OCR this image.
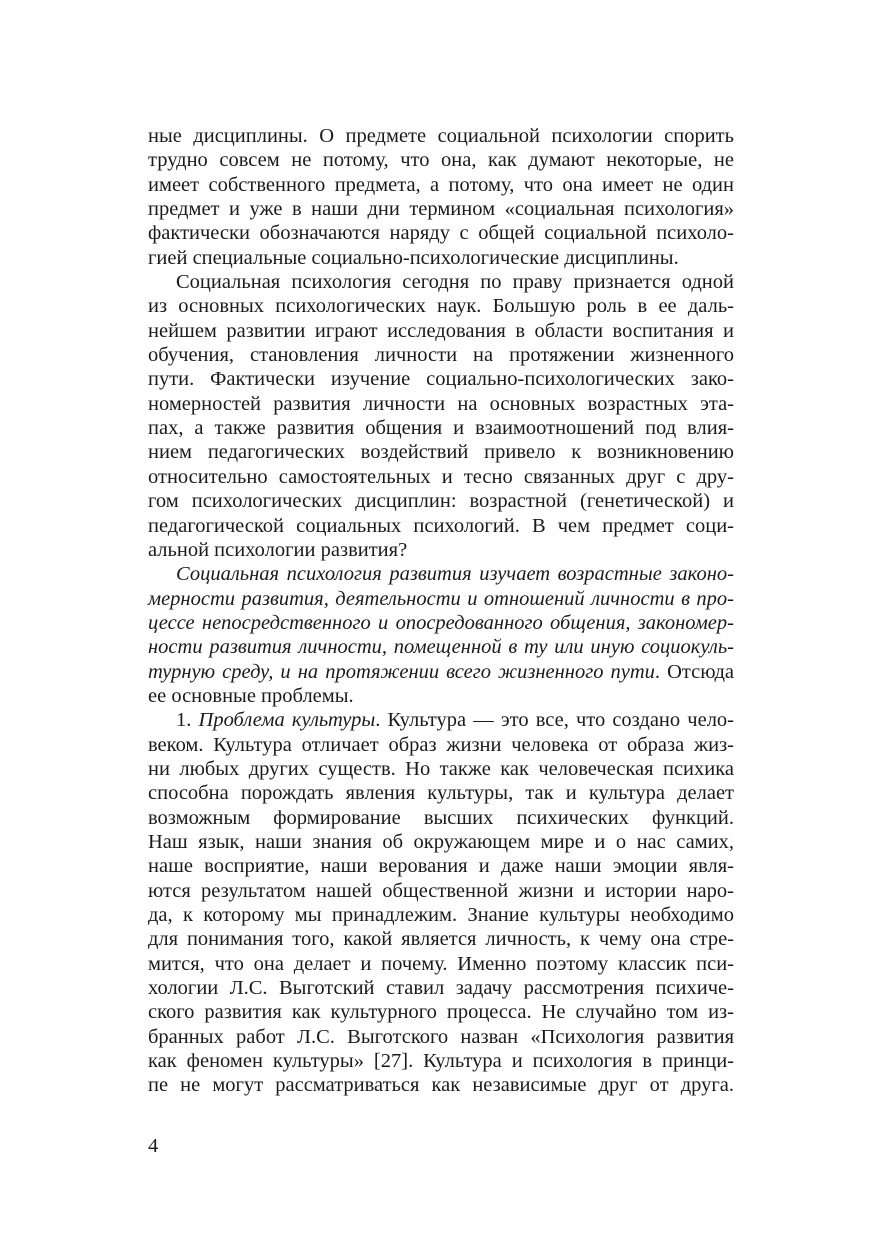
ные дисциплины. О предмете социальной психологии спорить
трудно совсем не потому, что она, как думают некоторые, не
имеет собственного предмета, а потому, что она имеет не один
предмет и уже в наши дни термином «социальная психология»
фактически обозначаются наряду с общей социальной психоло-
гией специальные социально-психологические дисциплины.
Социальная психология сегодня по праву признается одной
из основных психологических наук. Большую роль в ее даль-
нейшем развитии играют исследования в области воспитания и
обучения, становления личности на протяжении жизненного
пути. Фактически изучение социально-психологических зако-
номерностей развития личности на основных возрастных эта-
пах, а также развития общения и взаимоотношений под влия-
нием педагогических воздействий привело к возникновению
относительно самостоятельных и тесно связанных друг с дру-
гом психологических дисциплин: возрастной (генетической) и
педагогической социальных психологий. В чем предмет соци-
альной психологии развития?
Социальная психология развития изучает возрастные законо-
мерности развития, деятельности и отношений личности в про-
цессе непосредственного и опосредованного общения, закономер-
ности развития личности, помещенной в ту или иную социокуль-
турную среду, и на протяжении всего жизненного пути. Отсюда
ее основные проблемы.
1. Проблема культуры. Культура — это все, что создано чело-
веком. Культура отличает образ жизни человека от образа жиз-
ни любых других существ. Но также как человеческая психика
способна порождать явления культуры, так и культура делает
возможным формирование высших психических функций.
Наш язык, наши знания об окружающем мире и о нас самих,
наше восприятие, наши верования и даже наши эмоции явля-
ются результатом нашей общественной жизни и истории наро-
да, к которому мы принадлежим. Знание культуры необходимо
для понимания того, какой является личность, к чему она стре-
мится, что она делает и почему. Именно поэтому классик пси-
хологии Л.С. Выготский ставил задачу рассмотрения психиче-
ского развития как культурного процесса. Не случайно том из-
бранных работ Л.С. Выготского назван «Психология развития
как феномен культуры» [27]. Культура и психология в принци-
пе не могут рассматриваться как независимые друг от друга.
4
